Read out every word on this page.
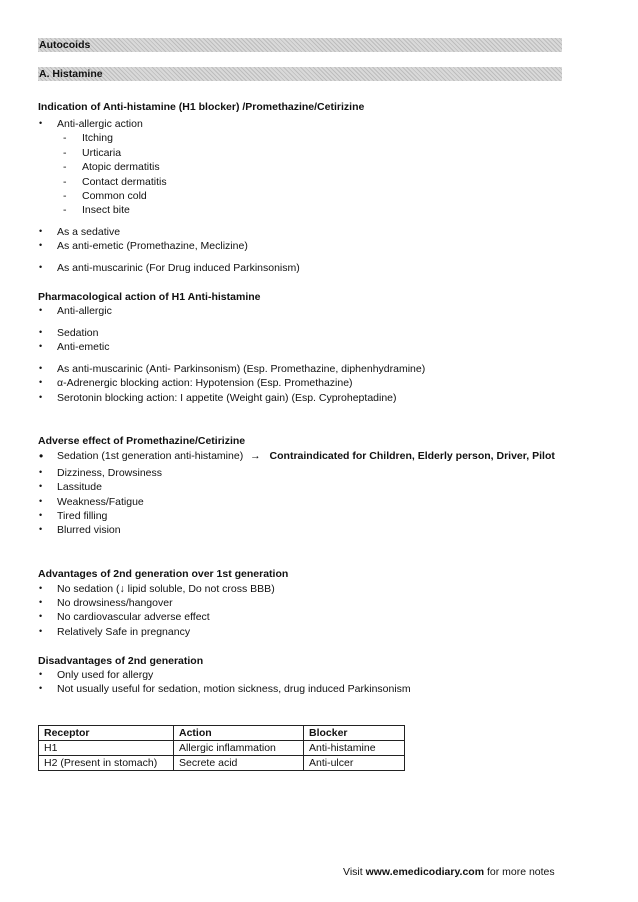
Autocoids
A. Histamine
Indication of Anti-histamine (H1 blocker) /Promethazine/Cetirizine
• Anti-allergic action
- Itching
- Urticaria
- Atopic dermatitis
- Contact dermatitis
- Common cold
- Insect bite
• As a sedative
• As anti-emetic (Promethazine, Meclizine)
• As anti-muscarinic (For Drug induced Parkinsonism)
Pharmacological action of H1 Anti-histamine
• Anti-allergic
• Sedation
• Anti-emetic
• As anti-muscarinic (Anti- Parkinsonism) (Esp. Promethazine, diphenhydramine)
• α-Adrenergic blocking action: Hypotension (Esp. Promethazine)
• Serotonin blocking action: I appetite (Weight gain) (Esp. Cyproheptadine)
Adverse effect of Promethazine/Cetirizine
• Sedation (1st generation anti-histamine) → Contraindicated for Children, Elderly person, Driver, Pilot
• Dizziness, Drowsiness
• Lassitude
• Weakness/Fatigue
• Tired filling
• Blurred vision
Advantages of 2nd generation over 1st generation
• No sedation (↓ lipid soluble, Do not cross BBB)
• No drowsiness/hangover
• No cardiovascular adverse effect
• Relatively Safe in pregnancy
Disadvantages of 2nd generation
• Only used for allergy
• Not usually useful for sedation, motion sickness, drug induced Parkinsonism
Receptor	Action	Blocker
H1	Allergic inflammation	Anti-histamine
H2 (Present in stomach)	Secrete acid	Anti-ulcer
Visit www.emedicodiary.com for more notes
